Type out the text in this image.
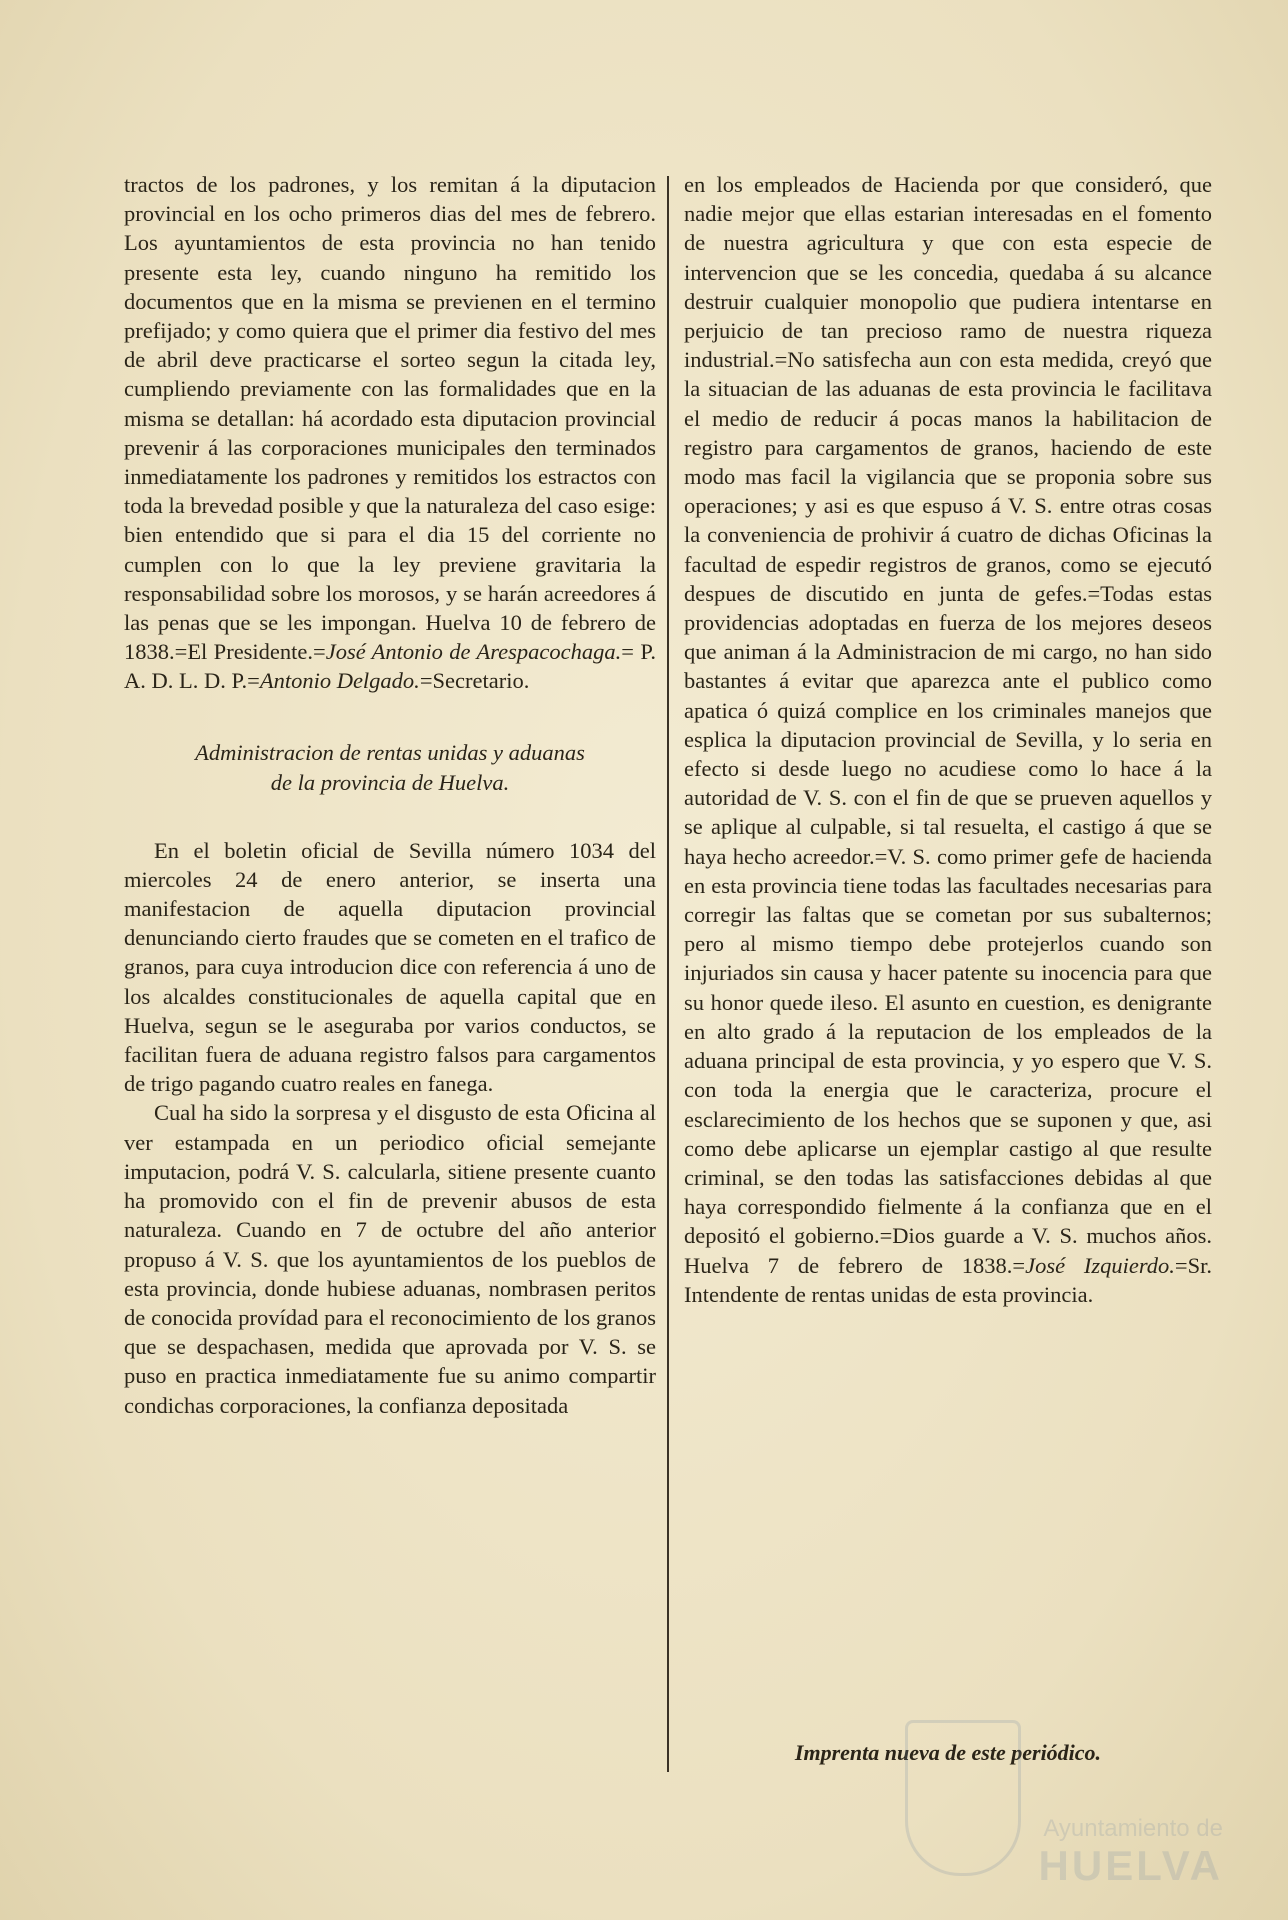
tractos de los padrones, y los remitan á la diputacion provincial en los ocho primeros dias del mes de febrero. Los ayuntamientos de esta provincia no han tenido presente esta ley, cuando ninguno ha remitido los documentos que en la misma se previenen en el termino prefijado; y como quiera que el primer dia festivo del mes de abril deve practicarse el sorteo segun la citada ley, cumpliendo previamente con las formalidades que en la misma se detallan: há acordado esta diputacion provincial prevenir á las corporaciones municipales den terminados inmediatamente los padrones y remitidos los estractos con toda la brevedad posible y que la naturaleza del caso esige: bien entendido que si para el dia 15 del corriente no cumplen con lo que la ley previene gravitaria la responsabilidad sobre los morosos, y se harán acreedores á las penas que se les impongan. Huelva 10 de febrero de 1838.=El Presidente.=José Antonio de Arespacochaga.= P. A. D. L. D. P.=Antonio Delgado.=Secretario.

Administracion de rentas unidas y aduanas
de la provincia de Huelva.

En el boletin oficial de Sevilla número 1034 del miercoles 24 de enero anterior, se inserta una manifestacion de aquella diputacion provincial denunciando cierto fraudes que se cometen en el trafico de granos, para cuya introducion dice con referencia á uno de los alcaldes constitucionales de aquella capital que en Huelva, segun se le aseguraba por varios conductos, se facilitan fuera de aduana registro falsos para cargamentos de trigo pagando cuatro reales en fanega.

Cual ha sido la sorpresa y el disgusto de esta Oficina al ver estampada en un periodico oficial semejante imputacion, podrá V. S. calcularla, sitiene presente cuanto ha promovido con el fin de prevenir abusos de esta naturaleza. Cuando en 7 de octubre del año anterior propuso á V. S. que los ayuntamientos de los pueblos de esta provincia, donde hubiese aduanas, nombrasen peritos de conocida provídad para el reconocimiento de los granos que se despachasen, medida que aprovada por V. S. se puso en practica inmediatamente fue su animo compartir condichas corporaciones, la confianza depositada

en los empleados de Hacienda por que consideró, que nadie mejor que ellas estarian interesadas en el fomento de nuestra agricultura y que con esta especie de intervencion que se les concedia, quedaba á su alcance destruir cualquier monopolio que pudiera intentarse en perjuicio de tan precioso ramo de nuestra riqueza industrial.=No satisfecha aun con esta medida, creyó que la situacian de las aduanas de esta provincia le facilitava el medio de reducir á pocas manos la habilitacion de registro para cargamentos de granos, haciendo de este modo mas facil la vigilancia que se proponia sobre sus operaciones; y asi es que espuso á V. S. entre otras cosas la conveniencia de prohivir á cuatro de dichas Oficinas la facultad de espedir registros de granos, como se ejecutó despues de discutido en junta de gefes.=Todas estas providencias adoptadas en fuerza de los mejores deseos que animan á la Administracion de mi cargo, no han sido bastantes á evitar que aparezca ante el publico como apatica ó quizá complice en los criminales manejos que esplica la diputacion provincial de Sevilla, y lo seria en efecto si desde luego no acudiese como lo hace á la autoridad de V. S. con el fin de que se prueven aquellos y se aplique al culpable, si tal resuelta, el castigo á que se haya hecho acreedor.=V. S. como primer gefe de hacienda en esta provincia tiene todas las facultades necesarias para corregir las faltas que se cometan por sus subalternos; pero al mismo tiempo debe protejerlos cuando son injuriados sin causa y hacer patente su inocencia para que su honor quede ileso. El asunto en cuestion, es denigrante en alto grado á la reputacion de los empleados de la aduana principal de esta provincia, y yo espero que V. S. con toda la energia que le caracteriza, procure el esclarecimiento de los hechos que se suponen y que, asi como debe aplicarse un ejemplar castigo al que resulte criminal, se den todas las satisfacciones debidas al que haya correspondido fielmente á la confianza que en el depositó el gobierno.=Dios guarde a V. S. muchos años. Huelva 7 de febrero de 1838.=José Izquierdo.=Sr. Intendente de rentas unidas de esta provincia.

Imprenta nueva de este periódico.
Ayuntamiento de
HUELVA
